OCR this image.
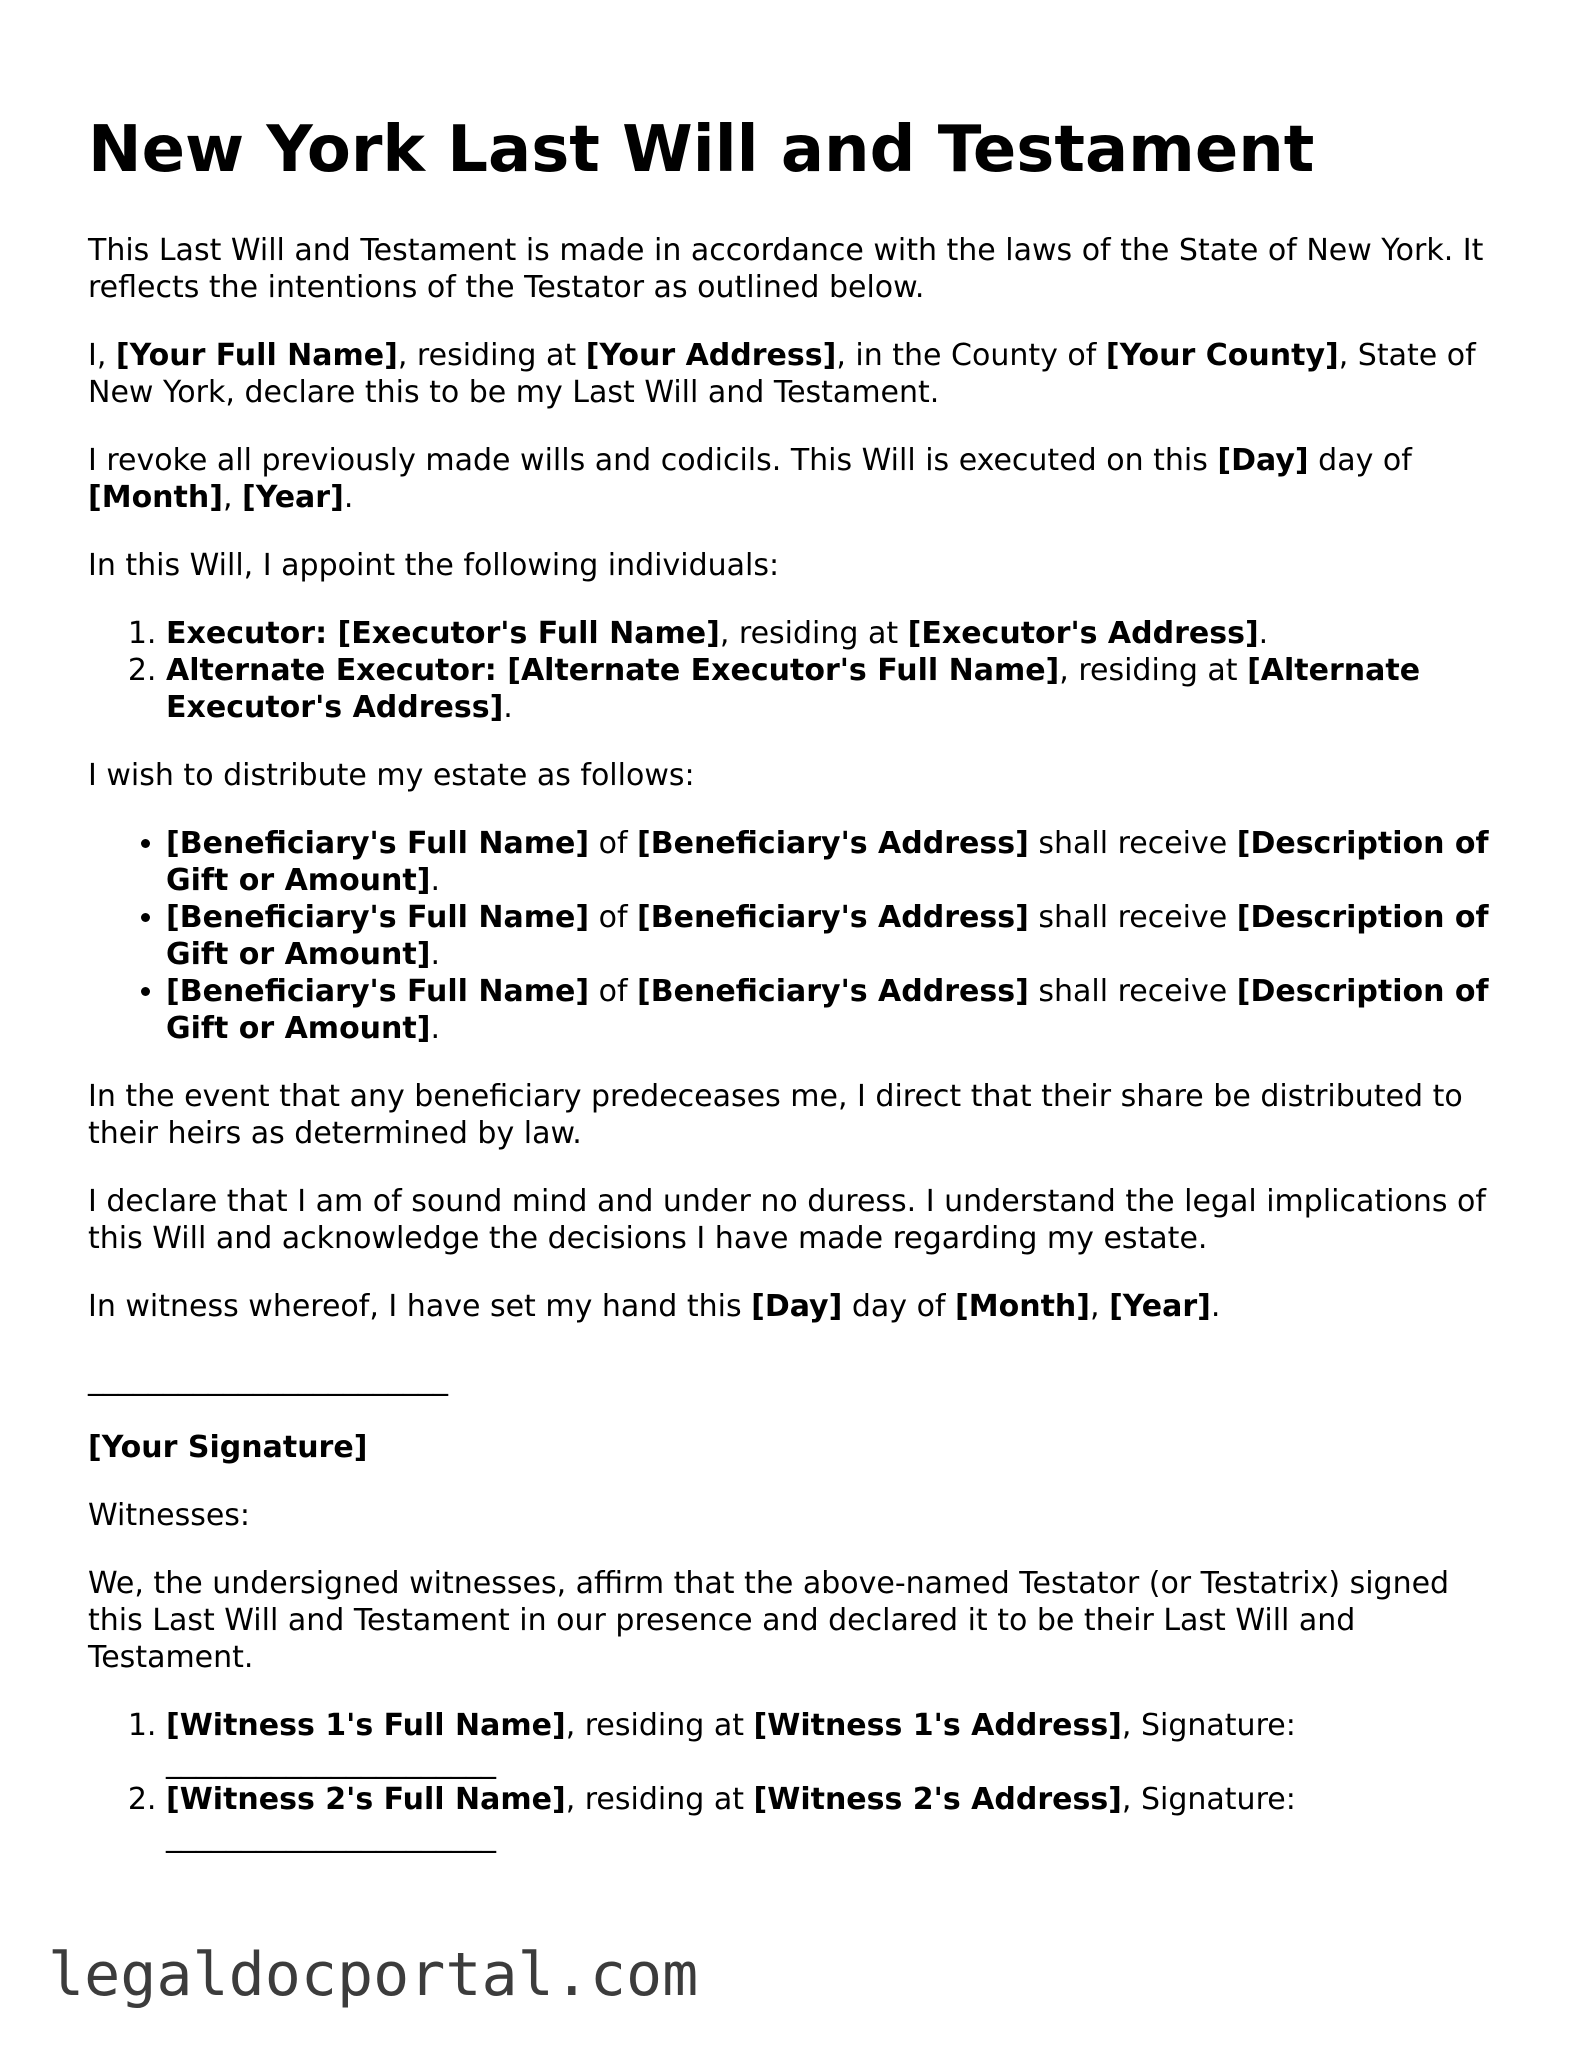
New York Last Will and Testament

This Last Will and Testament is made in accordance with the laws of the State of New York. It reflects the intentions of the Testator as outlined below.

I, [Your Full Name], residing at [Your Address], in the County of [Your County], State of New York, declare this to be my Last Will and Testament.

I revoke all previously made wills and codicils. This Will is executed on this [Day] day of [Month], [Year].

In this Will, I appoint the following individuals:

1. Executor: [Executor's Full Name], residing at [Executor's Address].
2. Alternate Executor: [Alternate Executor's Full Name], residing at [Alternate Executor's Address].

I wish to distribute my estate as follows:

• [Beneficiary's Full Name] of [Beneficiary's Address] shall receive [Description of Gift or Amount].
• [Beneficiary's Full Name] of [Beneficiary's Address] shall receive [Description of Gift or Amount].
• [Beneficiary's Full Name] of [Beneficiary's Address] shall receive [Description of Gift or Amount].

In the event that any beneficiary predeceases me, I direct that their share be distributed to their heirs as determined by law.

I declare that I am of sound mind and under no duress. I understand the legal implications of this Will and acknowledge the decisions I have made regarding my estate.

In witness whereof, I have set my hand this [Day] day of [Month], [Year].

________________________

[Your Signature]

Witnesses:

We, the undersigned witnesses, affirm that the above-named Testator (or Testatrix) signed this Last Will and Testament in our presence and declared it to be their Last Will and Testament.

1. [Witness 1's Full Name], residing at [Witness 1's Address], Signature: ______________________
2. [Witness 2's Full Name], residing at [Witness 2's Address], Signature: ______________________
legaldocportal.com
